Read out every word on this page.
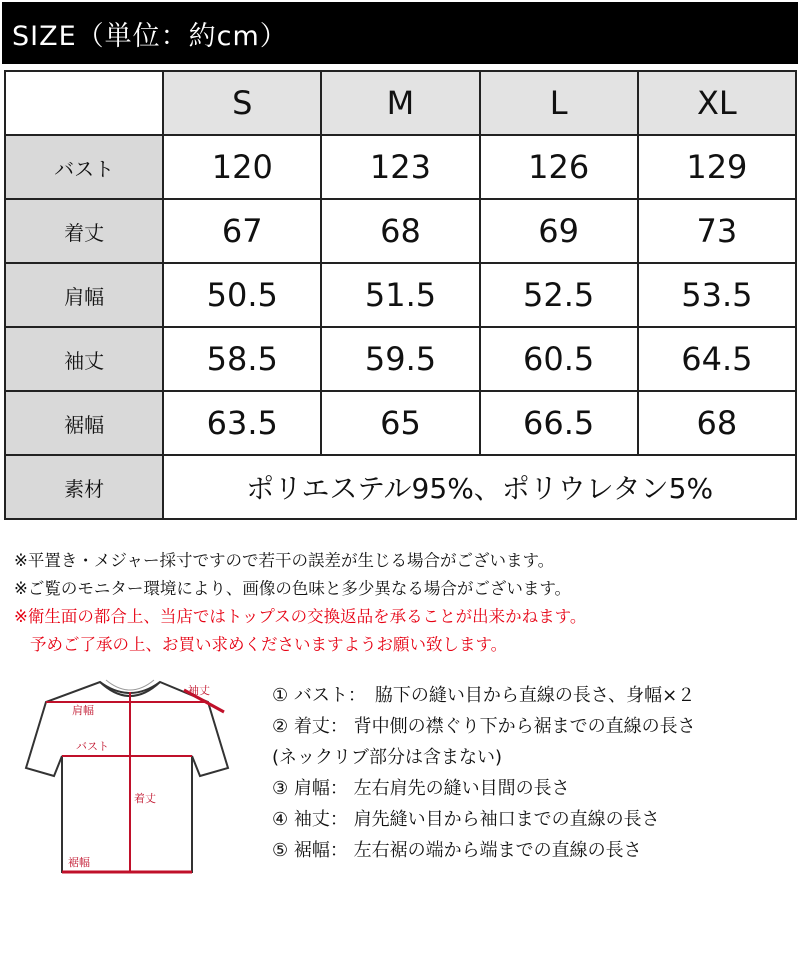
SIZE（単位：約cm）
	S	M	L	XL
バスト	120	123	126	129
着丈	67	68	69	73
肩幅	50.5	51.5	52.5	53.5
袖丈	58.5	59.5	60.5	64.5
裾幅	63.5	65	66.5	68
素材	ポリエステル95%、ポリウレタン5%			
※平置き・メジャー採寸ですので若干の誤差が生じる場合がございます。
※ご覧のモニター環境により、画像の色味と多少異なる場合がございます。
※衛生面の都合上、当店ではトップスの交換返品を承ることが出来かねます。
予めご了承の上、お買い求めくださいますようお願い致します。
袖丈
肩幅
バスト
着丈
裾幅
① バスト：　脇下の縫い目から直線の長さ、身幅×２
② 着丈： 背中側の襟ぐり下から裾までの直線の長さ
(ネックリブ部分は含まない)
③ 肩幅： 左右肩先の縫い目間の長さ
④ 袖丈： 肩先縫い目から袖口までの直線の長さ
⑤ 裾幅： 左右裾の端から端までの直線の長さ
